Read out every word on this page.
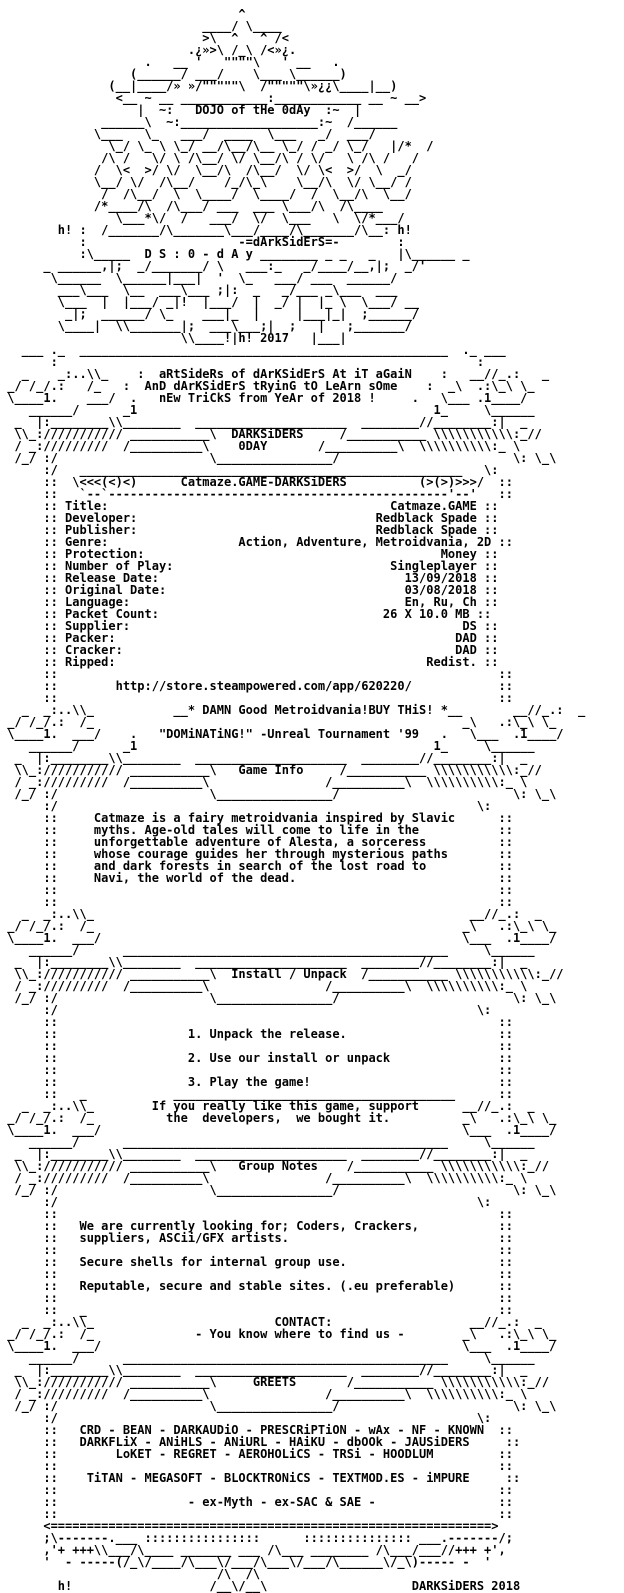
^
____/ \____
>\  ^   ^ /<
.¿»>\ /_\ /<»¿.
.   __ '   """"\   ' __   .
(______/ ___/    \___ \______)
(__|____/» »/"""""\  /"""""\»¿¿\____|__)
<__ ~ __ ____________:____________ __ ~ __>
|  ~:   DOJO of tHe 0dAy  :~  |
______\  ~:___________________:~  /______
\___   \_   ___/  ____  \___   _/  ___/
\_/ \_ \ \_/ __/\__/\__ \_/ / _/ \_/   |/*  /
/\ /   \/ \ /\__/ \/ \__/\ / \/   \ /\ /   /
/  \<  >/ \/  \__/\  /\__/  \/ \<  >/  \  _/
\__/ \/  /\__/    /_/\_\    \__/\  \/ \__/ /
/  /\__/  \  \____/  \____/  /  \__/\  \__/
/*____/\  /\___/ ___  ___ \___/\  /\____
\___*\/  /   ___/  \/  \___   \  \/*___/
h! :  /_______/\_______\___/____/\_______/\__: h!
:                     -=dArkSidErS=-        :
:\_____  D S : 0 - d A y ________ _ _   _   |\______ _
_ ______,|;  _/_______/ \   ___:_   _/____/__,|;  _/'
\______  \______|___|  '  \_   ___/ ___  ______/
___\___  \__  ___\___ ;|:  _   _/___ _\___  ___
\___  |  |___/ _|!  |___/  |  _/ |  |_ \  \___/ __
_|;  ______/ \_    ___|_  |     |___|_|  ;______/
\____|  \\_______|;  ___\___;|  ;   |   ;_______/
\\____!|h! 2017   |___|
___ ._  ___________________________________________________  ._ ___
:                                                          :
_    _:..\\_    :  aRtSideRs of dArKSidErS At iT aGaiN    :   __//_.:   _
_/ /_/.:   /_   :  AnD dArKSidErS tRyinG tO LeArn sOme    :  _\  .:\_\ \_
\____1.    ___/  .   nEw TriCkS from YeAr of 2018 !     .   \___ .1____/
______/      _1                                         1_     \______
_  |:________\\________  _____________________  ________//________:|  _
\\_://///////// ___________\  DARKSiDERS     /___________ \\\\\\\\\\\:_//
/ _://///////  /__________\    0DAY       /__________\  \\\\\\\\\\:_ \
/_/ :/                     \________________/                        \: \_\
:/   _____________________________________________________   \:
::  \<<<(<)<)      Catmaze.GAME-DARKSiDERS          (>(>)>>>/  ::
::   `--`-----------------------------------------------'--'   ::
:: Title:                                       Catmaze.GAME ::
:: Developer:                                 Redblack Spade ::
:: Publisher:                                 Redblack Spade ::
:: Genre:                  Action, Adventure, Metroidvania, 2D ::
:: Protection:                                         Money ::
:: Number of Play:                              Singleplayer ::
:: Release Date:                                  13/09/2018 ::
:: Original Date:                                 03/08/2018 ::
:: Language:                                      En, Ru, Ch ::
:: Packet Count:                               26 X 10.0 MB ::
:: Supplier:                                              DS ::
:: Packer:                                               DAD ::
:: Cracker:                                              DAD ::
:: Ripped:                                           Redist. ::
::                                                             ::
::        http://store.steampowered.com/app/620220/            ::
::                                                             ::
_  _:..\\_           __* DAMN Good Metroidvania!BUY THiS! *__       __//_.:  _
_/ /_/.:  /_                                                   _\   .:\_\ \_
\____1.  ___/    .   "DOMiNATiNG!" -Unreal Tournament '99   .   \___  .1____/
______/      _1                                         1_     \______
_  |:________\\________  _____________________  ________//________:|  _
\\_://///////// ___________\   Game Info     /___________ \\\\\\\\\\\:_//
/ _://///////  /__________\                /__________\  \\\\\\\\\\:_ \
/_/ :/                     \________________/                        \: \_\
:/                                                          \:
::     Catmaze is a fairy metroidvania inspired by Slavic      ::
::     myths. Age-old tales will come to life in the           ::
::     unforgettable adventure of Alesta, a sorceress          ::
::     whose courage guides her through mysterious paths       ::
::     and dark forests in search of the lost road to          ::
::     Navi, the world of the dead.                            ::
::                                                             ::
::                                                             ::
_  _:..\\_                                                    __//_.:  _
_/ /_/.:  /_                                                   _\   .:\_\ \_
\____1.  ___/                                                  \___  .1____/
______/      _____________________________________________     \______
_  |:________\\________  _____________________  ________//________:|  _
\\_://///////// ___________\  Install / Unpack  /___________ \\\\\\\\\\\:_//
/ _://///////  /__________\                /__________\  \\\\\\\\\\:_ \
/_/ :/                     \________________/                        \: \_\
:/                                                          \:
::                                                             ::
::                  1. Unpack the release.                     ::
::                                                             ::
::                  2. Use our install or unpack               ::
::                                                             ::
::                  3. Play the game!                          ::
::   _            _______________________________________      ::
_  _:..\\_        If you really like this game, support      __//_.:  _
_/ /_/.:  /_          the  developers,  we bought it.          _\   .:\_\ \_
\____1.  ___/                                                  \___  .1____/
______/      _____________________________________________     \______
_  |:________\\________  _____________________  ________//________:|  _
\\_://///////// ___________\   Group Notes    /___________ \\\\\\\\\\\:_//
/ _://///////  /__________\                /__________\  \\\\\\\\\\:_ \
/_/ :/                     \________________/                        \: \_\
:/                                                          \:
::                                                             ::
::   We are currently looking for; Coders, Crackers,           ::
::   suppliers, ASCii/GFX artists.                             ::
::                                                             ::
::   Secure shells for internal group use.                     ::
::                                                             ::
::   Reputable, secure and stable sites. (.eu preferable)      ::
::                                                             ::
::   _                                                         ::
_  _:..\\_                         CONTACT:                   __//_.:  _
_/ /_/.:  /_              - You know where to find us -        _\   .:\_\ \_
\____1.  ___/                                                  \___  .1____/
______/      _____________________________________________     \______
_  |:________\\________  _____________________  ________//________:|  _
\\_://///////// ___________\     GREETS       /___________ \\\\\\\\\\\:_//
/ _://///////  /__________\                /__________\  \\\\\\\\\\:_ \
/_/ :/                     \________________/                        \: \_\
:/                                                          \:
::   CRD - BEAN - DARKAUDiO - PRESCRiPTiON - wAx - NF - KNOWN  ::
::   DARKFLiX - ANiHLS - ANiURL - HAiKU - dbOOk - JAUSiDERS     ::
::        LoKET - REGRET - AEROHOLiCS - TRSi - HOODLUM         ::
::                                                             ::
::    TiTAN - MEGASOFT - BLOCKTRONiCS - TEXTMOD.ES - iMPURE     ::
::                                                             ::
::                  - ex-Myth - ex-SAC & SAE -                 ::
::                                                             ::
<=============================================================>
;\-------.___ ::::::::::::::::      ::::::::::::::: ___.-------/;
,'+ +++\\___/\____ _______ ___ /\___ ________ /\___/___//+++ +',
'  - -----(/_\/____/\___\/___/\___\/___/\______\/_\)----- -  '
/\  /\
h!                   /__\/__\                    DARKSiDERS 2018
